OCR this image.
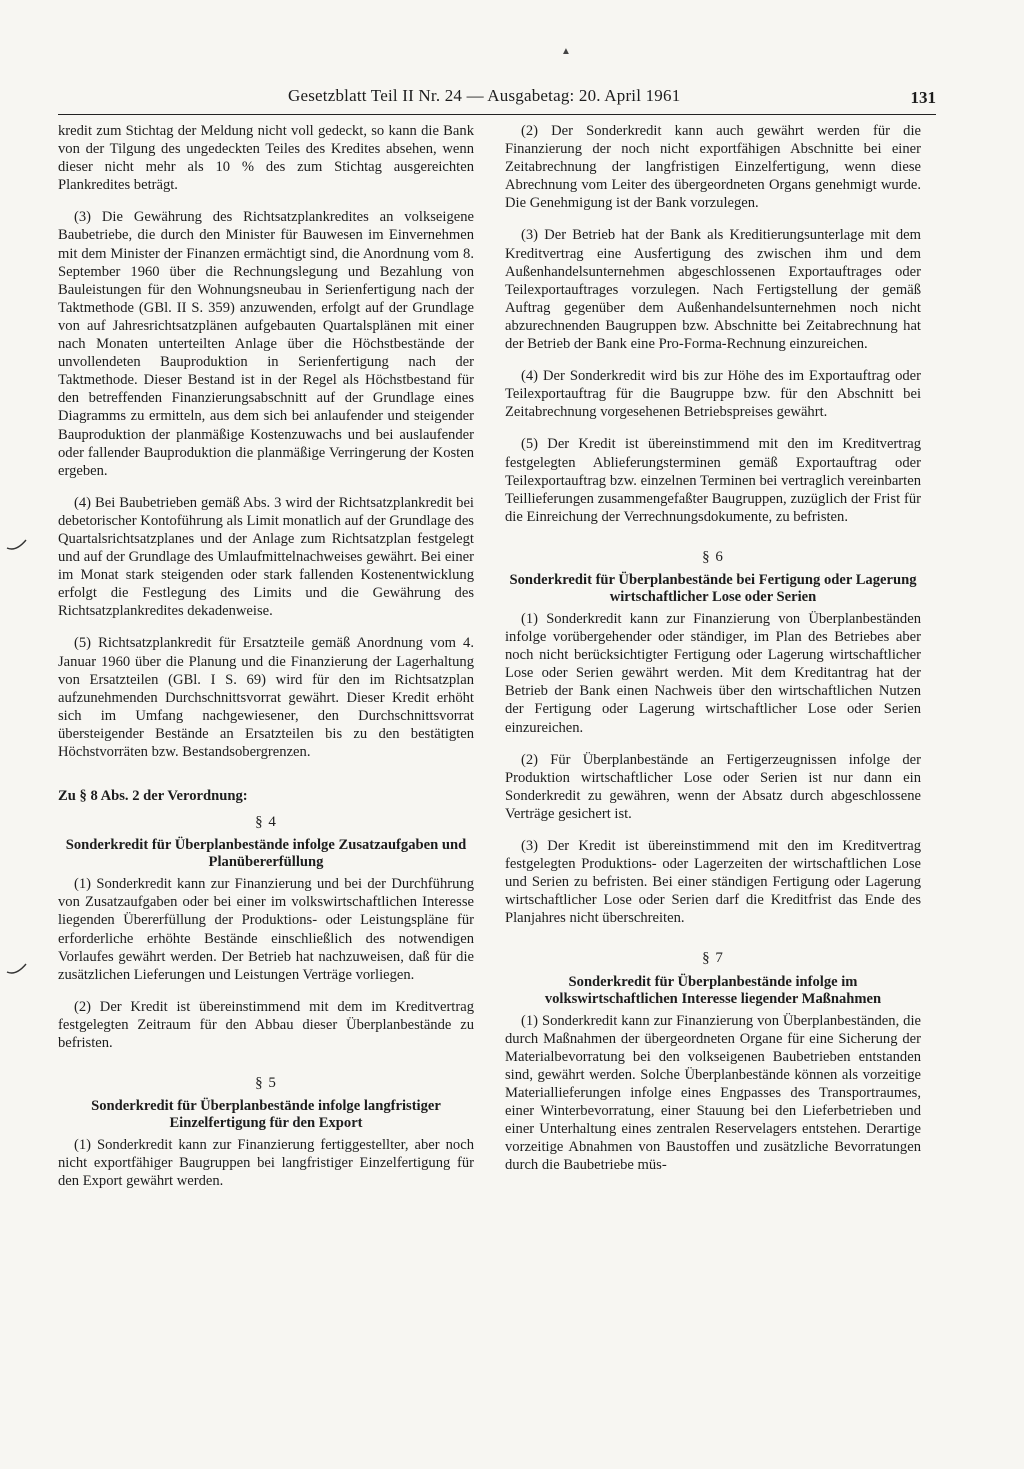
▲
Gesetzblatt Teil II Nr. 24 — Ausgabetag: 20. April 1961	131

kredit zum Stichtag der Meldung nicht voll gedeckt, so kann die Bank von der Tilgung des ungedeckten Teiles des Kredites absehen, wenn dieser nicht mehr als 10 % des zum Stichtag ausgereichten Plankredites beträgt.

(3) Die Gewährung des Richtsatzplankredites an volkseigene Baubetriebe, die durch den Minister für Bauwesen im Einvernehmen mit dem Minister der Finanzen ermächtigt sind, die Anordnung vom 8. September 1960 über die Rechnungslegung und Bezahlung von Bauleistungen für den Wohnungsneubau in Serienfertigung nach der Taktmethode (GBl. II S. 359) anzuwenden, erfolgt auf der Grundlage von auf Jahresrichtsatzplänen aufgebauten Quartalsplänen mit einer nach Monaten unterteilten Anlage über die Höchstbestände der unvollendeten Bauproduktion in Serienfertigung nach der Taktmethode. Dieser Bestand ist in der Regel als Höchstbestand für den betreffenden Finanzierungsabschnitt auf der Grundlage eines Diagramms zu ermitteln, aus dem sich bei anlaufender und steigender Bauproduktion der planmäßige Kostenzuwachs und bei auslaufender oder fallender Bauproduktion die planmäßige Verringerung der Kosten ergeben.

(4) Bei Baubetrieben gemäß Abs. 3 wird der Richtsatzplankredit bei debetorischer Kontoführung als Limit monatlich auf der Grundlage des Quartalsrichtsatzplanes und der Anlage zum Richtsatzplan festgelegt und auf der Grundlage des Umlaufmittelnachweises gewährt. Bei einer im Monat stark steigenden oder stark fallenden Kostenentwicklung erfolgt die Festlegung des Limits und die Gewährung des Richtsatzplankredites dekadenweise.

(5) Richtsatzplankredit für Ersatzteile gemäß Anordnung vom 4. Januar 1960 über die Planung und die Finanzierung der Lagerhaltung von Ersatzteilen (GBl. I S. 69) wird für den im Richtsatzplan aufzunehmenden Durchschnittsvorrat gewährt. Dieser Kredit erhöht sich im Umfang nachgewiesener, den Durchschnittsvorrat übersteigender Bestände an Ersatzteilen bis zu den bestätigten Höchstvorräten bzw. Bestandsobergrenzen.

Zu § 8 Abs. 2 der Verordnung:

§ 4
Sonderkredit für Überplanbestände infolge Zusatzaufgaben und Planübererfüllung

(1) Sonderkredit kann zur Finanzierung und bei der Durchführung von Zusatzaufgaben oder bei einer im volkswirtschaftlichen Interesse liegenden Übererfüllung der Produktions- oder Leistungspläne für erforderliche erhöhte Bestände einschließlich des notwendigen Vorlaufes gewährt werden. Der Betrieb hat nachzuweisen, daß für die zusätzlichen Lieferungen und Leistungen Verträge vorliegen.

(2) Der Kredit ist übereinstimmend mit dem im Kreditvertrag festgelegten Zeitraum für den Abbau dieser Überplanbestände zu befristen.

§ 5
Sonderkredit für Überplanbestände infolge langfristiger Einzelfertigung für den Export

(1) Sonderkredit kann zur Finanzierung fertiggestellter, aber noch nicht exportfähiger Baugruppen bei langfristiger Einzelfertigung für den Export gewährt werden.

(2) Der Sonderkredit kann auch gewährt werden für die Finanzierung der noch nicht exportfähigen Abschnitte bei einer Zeitabrechnung der langfristigen Einzelfertigung, wenn diese Abrechnung vom Leiter des übergeordneten Organs genehmigt wurde. Die Genehmigung ist der Bank vorzulegen.

(3) Der Betrieb hat der Bank als Kreditierungsunterlage mit dem Kreditvertrag eine Ausfertigung des zwischen ihm und dem Außenhandelsunternehmen abgeschlossenen Exportauftrages oder Teilexportauftrages vorzulegen. Nach Fertigstellung der gemäß Auftrag gegenüber dem Außenhandelsunternehmen noch nicht abzurechnenden Baugruppen bzw. Abschnitte bei Zeitabrechnung hat der Betrieb der Bank eine Pro-Forma-Rechnung einzureichen.

(4) Der Sonderkredit wird bis zur Höhe des im Exportauftrag oder Teilexportauftrag für die Baugruppe bzw. für den Abschnitt bei Zeitabrechnung vorgesehenen Betriebspreises gewährt.

(5) Der Kredit ist übereinstimmend mit den im Kreditvertrag festgelegten Ablieferungsterminen gemäß Exportauftrag oder Teilexportauftrag bzw. einzelnen Terminen bei vertraglich vereinbarten Teillieferungen zusammengefaßter Baugruppen, zuzüglich der Frist für die Einreichung der Verrechnungsdokumente, zu befristen.

§ 6
Sonderkredit für Überplanbestände bei Fertigung oder Lagerung wirtschaftlicher Lose oder Serien

(1) Sonderkredit kann zur Finanzierung von Überplanbeständen infolge vorübergehender oder ständiger, im Plan des Betriebes aber noch nicht berücksichtigter Fertigung oder Lagerung wirtschaftlicher Lose oder Serien gewährt werden. Mit dem Kreditantrag hat der Betrieb der Bank einen Nachweis über den wirtschaftlichen Nutzen der Fertigung oder Lagerung wirtschaftlicher Lose oder Serien einzureichen.

(2) Für Überplanbestände an Fertigerzeugnissen infolge der Produktion wirtschaftlicher Lose oder Serien ist nur dann ein Sonderkredit zu gewähren, wenn der Absatz durch abgeschlossene Verträge gesichert ist.

(3) Der Kredit ist übereinstimmend mit den im Kreditvertrag festgelegten Produktions- oder Lagerzeiten der wirtschaftlichen Lose und Serien zu befristen. Bei einer ständigen Fertigung oder Lagerung wirtschaftlicher Lose oder Serien darf die Kreditfrist das Ende des Planjahres nicht überschreiten.

§ 7
Sonderkredit für Überplanbestände infolge im volkswirtschaftlichen Interesse liegender Maßnahmen

(1) Sonderkredit kann zur Finanzierung von Überplanbeständen, die durch Maßnahmen der übergeordneten Organe für eine Sicherung der Materialbevorratung bei den volkseigenen Baubetrieben entstanden sind, gewährt werden. Solche Überplanbestände können als vorzeitige Materiallieferungen infolge eines Engpasses des Transportraumes, einer Winterbevorratung, einer Stauung bei den Lieferbetrieben und einer Unterhaltung eines zentralen Reservelagers entstehen. Derartige vorzeitige Abnahmen von Baustoffen und zusätzliche Bevorratungen durch die Baubetriebe müs-
